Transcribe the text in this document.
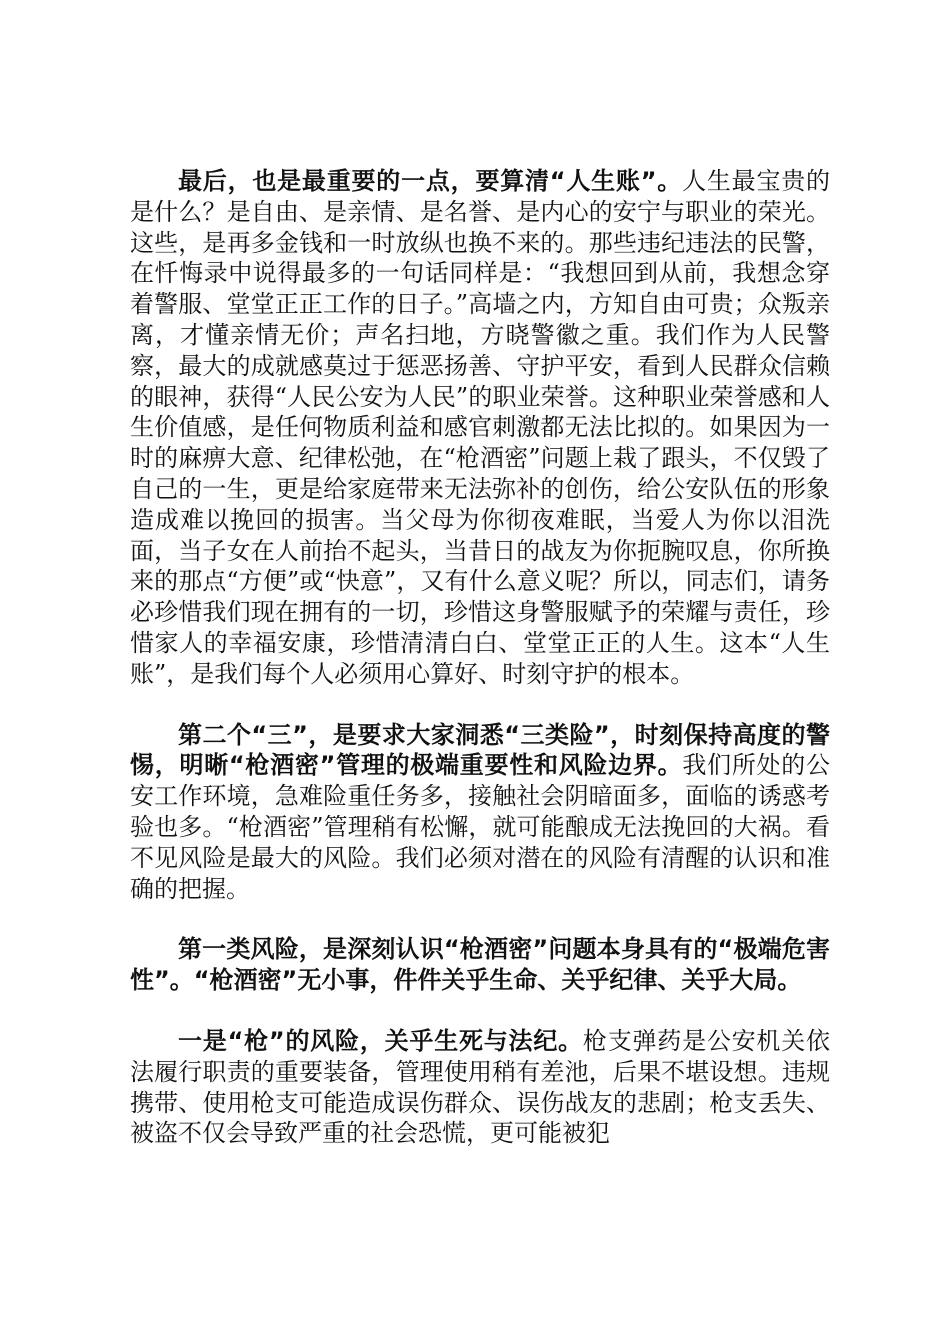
最后，也是最重要的一点，要算清“人生账”。人生最宝贵的是什么？是自由、是亲情、是名誉、是内心的安宁与职业的荣光。这些，是再多金钱和一时放纵也换不来的。那些违纪违法的民警，在忏悔录中说得最多的一句话同样是：“我想回到从前，我想念穿着警服、堂堂正正工作的日子。”高墙之内，方知自由可贵；众叛亲离，才懂亲情无价；声名扫地，方晓警徽之重。我们作为人民警察，最大的成就感莫过于惩恶扬善、守护平安，看到人民群众信赖的眼神，获得“人民公安为人民”的职业荣誉。这种职业荣誉感和人生价值感，是任何物质利益和感官刺激都无法比拟的。如果因为一时的麻痹大意、纪律松弛，在“枪酒密”问题上栽了跟头，不仅毁了自己的一生，更是给家庭带来无法弥补的创伤，给公安队伍的形象造成难以挽回的损害。当父母为你彻夜难眠，当爱人为你以泪洗面，当子女在人前抬不起头，当昔日的战友为你扼腕叹息，你所换来的那点“方便”或“快意”，又有什么意义呢？所以，同志们，请务必珍惜我们现在拥有的一切，珍惜这身警服赋予的荣耀与责任，珍惜家人的幸福安康，珍惜清清白白、堂堂正正的人生。这本“人生账”，是我们每个人必须用心算好、时刻守护的根本。

第二个“三”，是要求大家洞悉“三类险”，时刻保持高度的警惕，明晰“枪酒密”管理的极端重要性和风险边界。我们所处的公安工作环境，急难险重任务多，接触社会阴暗面多，面临的诱惑考验也多。“枪酒密”管理稍有松懈，就可能酿成无法挽回的大祸。看不见风险是最大的风险。我们必须对潜在的风险有清醒的认识和准确的把握。

第一类风险，是深刻认识“枪酒密”问题本身具有的“极端危害性”。“枪酒密”无小事，件件关乎生命、关乎纪律、关乎大局。

一是“枪”的风险，关乎生死与法纪。枪支弹药是公安机关依法履行职责的重要装备，管理使用稍有差池，后果不堪设想。违规携带、使用枪支可能造成误伤群众、误伤战友的悲剧；枪支丢失、被盗不仅会导致严重的社会恐慌，更可能被犯
